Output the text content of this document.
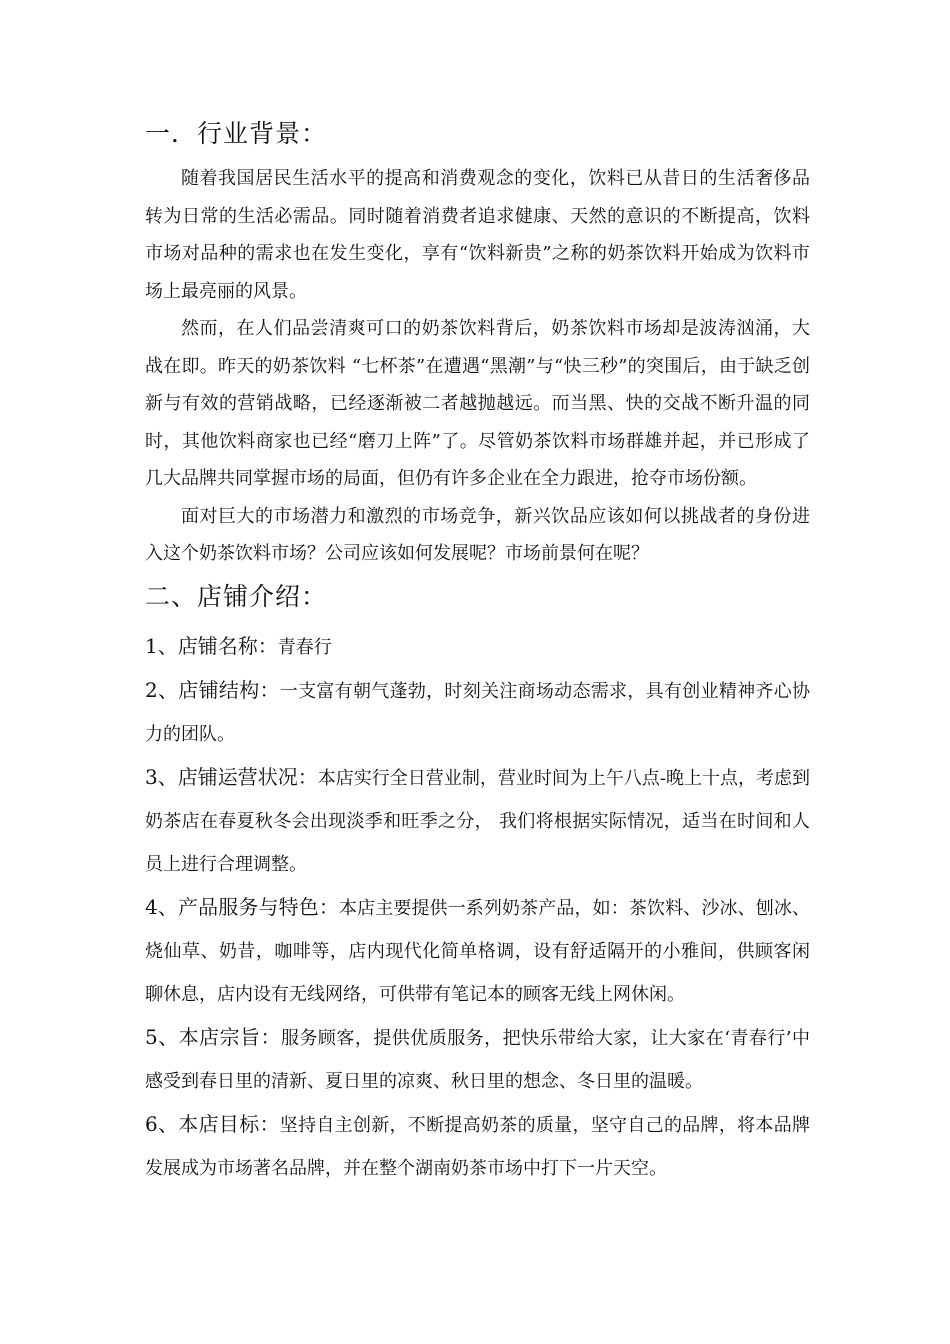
一．行业背景：

随着我国居民生活水平的提高和消费观念的变化，饮料已从昔日的生活奢侈品转为日常的生活必需品。同时随着消费者追求健康、天然的意识的不断提高，饮料市场对品种的需求也在发生变化，享有“饮料新贵”之称的奶茶饮料开始成为饮料市场上最亮丽的风景。

然而，在人们品尝清爽可口的奶茶饮料背后，奶茶饮料市场却是波涛汹涌，大战在即。昨天的奶茶饮料 “七杯茶”在遭遇“黑潮”与“快三秒”的突围后，由于缺乏创新与有效的营销战略，已经逐渐被二者越抛越远。而当黑、快的交战不断升温的同时，其他饮料商家也已经“磨刀上阵”了。尽管奶茶饮料市场群雄并起，并已形成了几大品牌共同掌握市场的局面，但仍有许多企业在全力跟进，抢夺市场份额。

面对巨大的市场潜力和激烈的市场竞争，新兴饮品应该如何以挑战者的身份进入这个奶茶饮料市场？公司应该如何发展呢？市场前景何在呢？

二、店铺介绍：

1、店铺名称：青春行

2、店铺结构：一支富有朝气蓬勃，时刻关注商场动态需求，具有创业精神齐心协力的团队。

3、店铺运营状况：本店实行全日营业制，营业时间为上午八点-晚上十点，考虑到奶茶店在春夏秋冬会出现淡季和旺季之分， 我们将根据实际情况，适当在时间和人员上进行合理调整。

4、产品服务与特色：本店主要提供一系列奶茶产品，如：茶饮料、沙冰、刨冰、烧仙草、奶昔，咖啡等，店内现代化简单格调，设有舒适隔开的小雅间，供顾客闲聊休息，店内设有无线网络，可供带有笔记本的顾客无线上网休闲。

5、本店宗旨：服务顾客，提供优质服务，把快乐带给大家，让大家在‘青春行’中感受到春日里的清新、夏日里的凉爽、秋日里的想念、冬日里的温暖。

6、本店目标：坚持自主创新，不断提高奶茶的质量，坚守自己的品牌，将本品牌发展成为市场著名品牌，并在整个湖南奶茶市场中打下一片天空。
